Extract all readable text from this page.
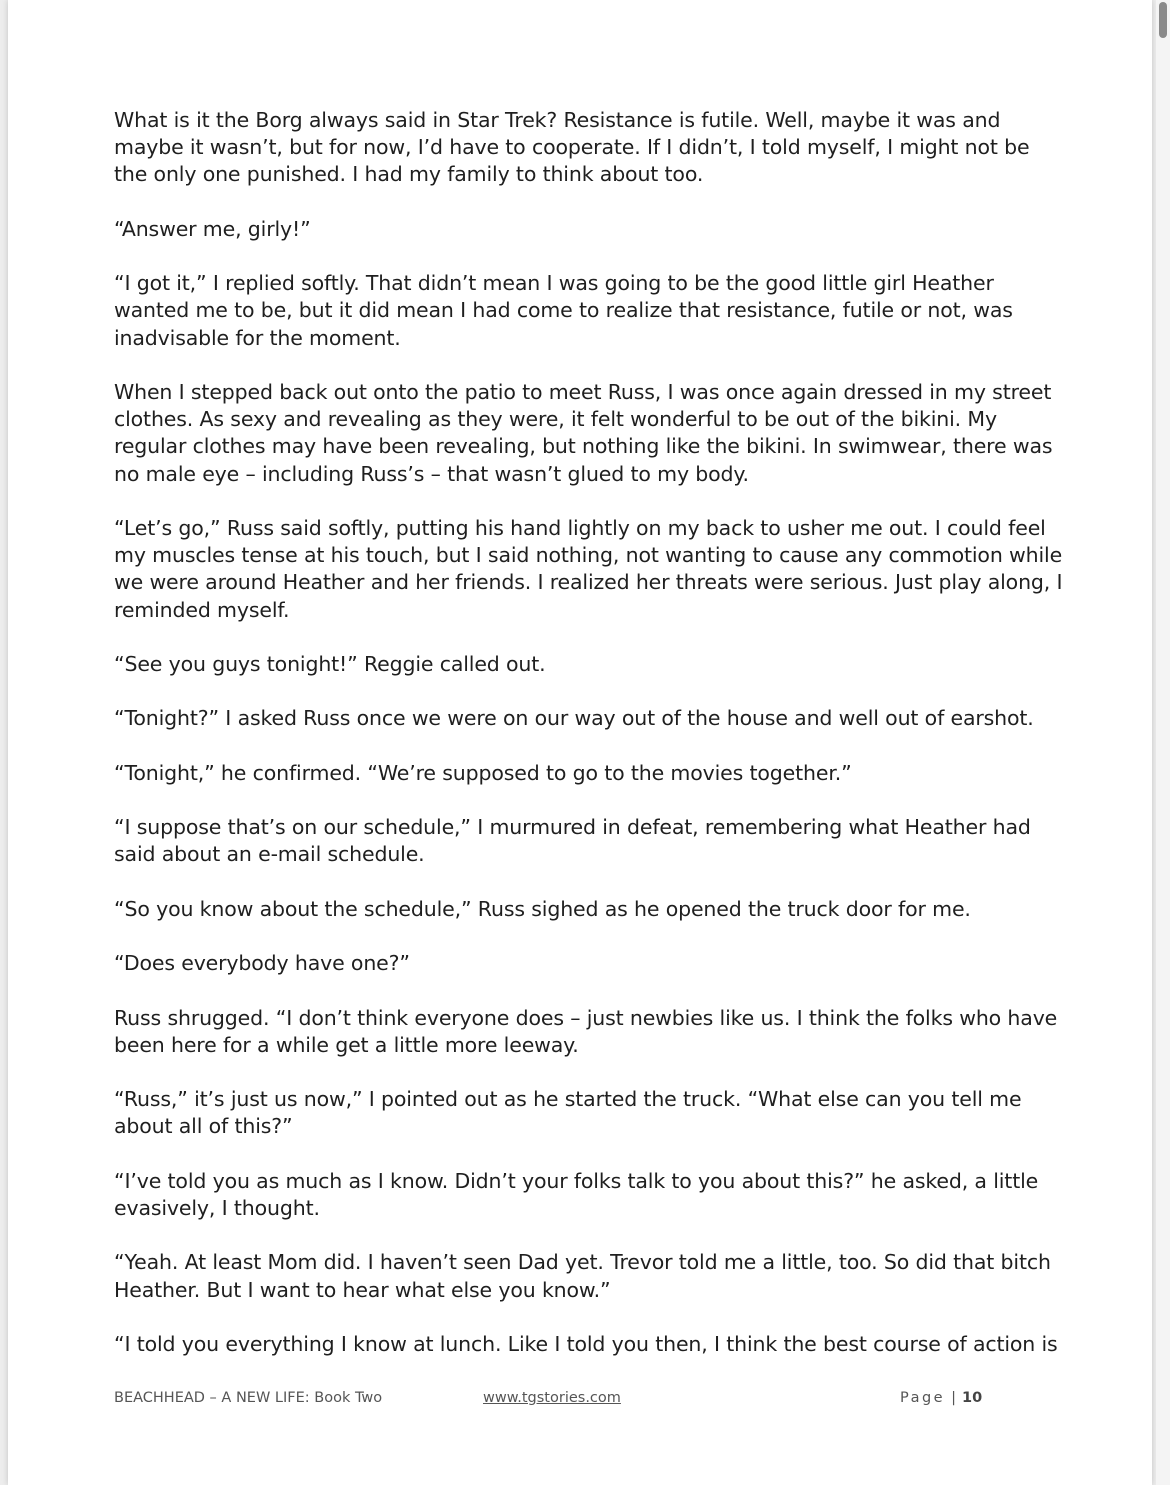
What is it the Borg always said in Star Trek? Resistance is futile. Well, maybe it was and maybe it wasn’t, but for now, I’d have to cooperate. If I didn’t, I told myself, I might not be the only one punished. I had my family to think about too.

“Answer me, girly!”

“I got it,” I replied softly. That didn’t mean I was going to be the good little girl Heather wanted me to be, but it did mean I had come to realize that resistance, futile or not, was inadvisable for the moment.

When I stepped back out onto the patio to meet Russ, I was once again dressed in my street clothes. As sexy and revealing as they were, it felt wonderful to be out of the bikini. My regular clothes may have been revealing, but nothing like the bikini. In swimwear, there was no male eye – including Russ’s – that wasn’t glued to my body.

“Let’s go,” Russ said softly, putting his hand lightly on my back to usher me out. I could feel my muscles tense at his touch, but I said nothing, not wanting to cause any commotion while we were around Heather and her friends. I realized her threats were serious. Just play along, I reminded myself.

“See you guys tonight!” Reggie called out.

“Tonight?” I asked Russ once we were on our way out of the house and well out of earshot.

“Tonight,” he confirmed. “We’re supposed to go to the movies together.”

“I suppose that’s on our schedule,” I murmured in defeat, remembering what Heather had said about an e-mail schedule.

“So you know about the schedule,” Russ sighed as he opened the truck door for me.

“Does everybody have one?”

Russ shrugged. “I don’t think everyone does – just newbies like us. I think the folks who have been here for a while get a little more leeway.

“Russ,” it’s just us now,” I pointed out as he started the truck. “What else can you tell me about all of this?”

“I’ve told you as much as I know. Didn’t your folks talk to you about this?” he asked, a little evasively, I thought.

“Yeah. At least Mom did. I haven’t seen Dad yet. Trevor told me a little, too. So did that bitch Heather. But I want to hear what else you know.”

“I told you everything I know at lunch. Like I told you then, I think the best course of action is

BEACHHEAD – A NEW LIFE: Book Two	www.tgstories.com	Page | 10
